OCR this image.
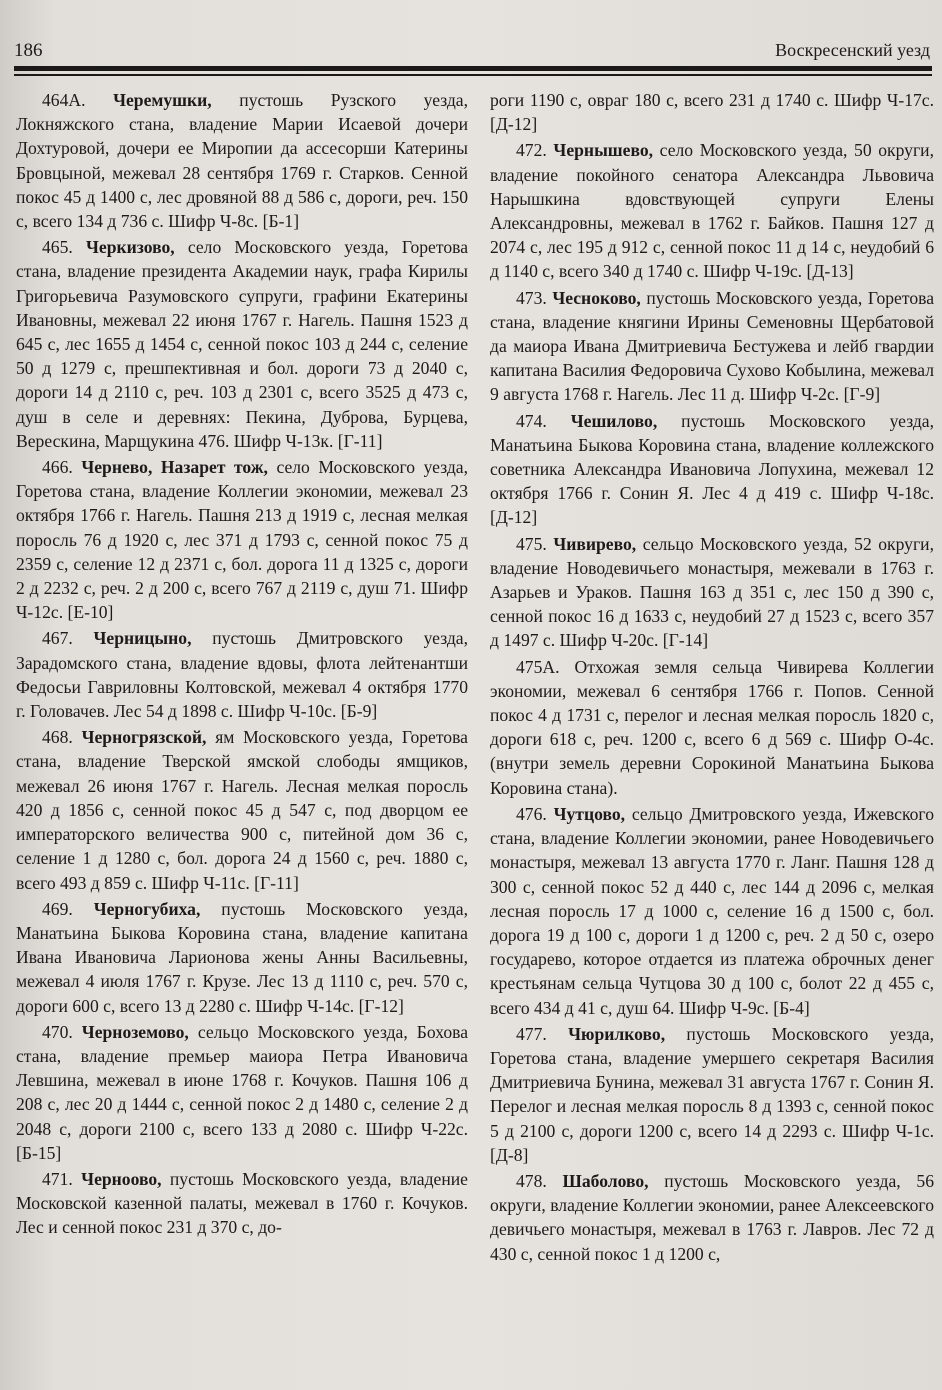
186	Воскресенский уезд

464А. Черемушки, пустошь Рузского уезда, Локняжского стана, владение Марии Исаевой дочери Дохтуровой, дочери ее Миропии да ассесорши Катерины Бровцыной, межевал 28 сентября 1769 г. Старков. Сенной покос 45 д 1400 с, лес дровяной 88 д 586 с, дороги, реч. 150 с, всего 134 д 736 с. Шифр Ч-8с. [Б-1]

465. Черкизово, село Московского уезда, Горетова стана, владение президента Академии наук, графа Кирилы Григорьевича Разумовского супруги, графини Екатерины Ивановны, межевал 22 июня 1767 г. Нагель. Пашня 1523 д 645 с, лес 1655 д 1454 с, сенной покос 103 д 244 с, селение 50 д 1279 с, прешпективная и бол. дороги 73 д 2040 с, дороги 14 д 2110 с, реч. 103 д 2301 с, всего 3525 д 473 с, душ в селе и деревнях: Пекина, Дуброва, Бурцева, Верескина, Марщукина 476. Шифр Ч-13к. [Г-11]

466. Чернево, Назарет тож, село Московского уезда, Горетова стана, владение Коллегии экономии, межевал 23 октября 1766 г. Нагель. Пашня 213 д 1919 с, лесная мелкая поросль 76 д 1920 с, лес 371 д 1793 с, сенной покос 75 д 2359 с, селение 12 д 2371 с, бол. дорога 11 д 1325 с, дороги 2 д 2232 с, реч. 2 д 200 с, всего 767 д 2119 с, душ 71. Шифр Ч-12с. [Е-10]

467. Черницыно, пустошь Дмитровского уезда, Зарадомского стана, владение вдовы, флота лейтенантши Федосьи Гавриловны Колтовской, межевал 4 октября 1770 г. Головачев. Лес 54 д 1898 с. Шифр Ч-10с. [Б-9]

468. Черногрязской, ям Московского уезда, Горетова стана, владение Тверской ямской слободы ямщиков, межевал 26 июня 1767 г. Нагель. Лесная мелкая поросль 420 д 1856 с, сенной покос 45 д 547 с, под дворцом ее императорского величества 900 с, питейной дом 36 с, селение 1 д 1280 с, бол. дорога 24 д 1560 с, реч. 1880 с, всего 493 д 859 с. Шифр Ч-11с. [Г-11]

469. Черногубиха, пустошь Московского уезда, Манатьина Быкова Коровина стана, владение капитана Ивана Ивановича Ларионова жены Анны Васильевны, межевал 4 июля 1767 г. Крузе. Лес 13 д 1110 с, реч. 570 с, дороги 600 с, всего 13 д 2280 с. Шифр Ч-14с. [Г-12]

470. Черноземово, сельцо Московского уезда, Бохова стана, владение премьер маиора Петра Ивановича Левшина, межевал в июне 1768 г. Кочуков. Пашня 106 д 208 с, лес 20 д 1444 с, сенной покос 2 д 1480 с, селение 2 д 2048 с, дороги 2100 с, всего 133 д 2080 с. Шифр Ч-22с. [Б-15]

471. Черноово, пустошь Московского уезда, владение Московской казенной палаты, межевал в 1760 г. Кочуков. Лес и сенной покос 231 д 370 с, до-

роги 1190 с, овраг 180 с, всего 231 д 1740 с. Шифр Ч-17с. [Д-12]

472. Чернышево, село Московского уезда, 50 округи, владение покойного сенатора Александра Львовича Нарышкина вдовствующей супруги Елены Александровны, межевал в 1762 г. Байков. Пашня 127 д 2074 с, лес 195 д 912 с, сенной покос 11 д 14 с, неудобий 6 д 1140 с, всего 340 д 1740 с. Шифр Ч-19с. [Д-13]

473. Чесноково, пустошь Московского уезда, Горетова стана, владение княгини Ирины Семеновны Щербатовой да маиора Ивана Дмитриевича Бестужева и лейб гвардии капитана Василия Федоровича Сухово Кобылина, межевал 9 августа 1768 г. Нагель. Лес 11 д. Шифр Ч-2с. [Г-9]

474. Чешилово, пустошь Московского уезда, Манатьина Быкова Коровина стана, владение коллежского советника Александра Ивановича Лопухина, межевал 12 октября 1766 г. Сонин Я. Лес 4 д 419 с. Шифр Ч-18с. [Д-12]

475. Чивирево, сельцо Московского уезда, 52 округи, владение Новодевичьего монастыря, межевали в 1763 г. Азарьев и Ураков. Пашня 163 д 351 с, лес 150 д 390 с, сенной покос 16 д 1633 с, неудобий 27 д 1523 с, всего 357 д 1497 с. Шифр Ч-20с. [Г-14]

475А. Отхожая земля сельца Чивирева Коллегии экономии, межевал 6 сентября 1766 г. Попов. Сенной покос 4 д 1731 с, перелог и лесная мелкая поросль 1820 с, дороги 618 с, реч. 1200 с, всего 6 д 569 с. Шифр О-4с. (внутри земель деревни Сорокиной Манатьина Быкова Коровина стана).

476. Чутцово, сельцо Дмитровского уезда, Ижевского стана, владение Коллегии экономии, ранее Новодевичьего монастыря, межевал 13 августа 1770 г. Ланг. Пашня 128 д 300 с, сенной покос 52 д 440 с, лес 144 д 2096 с, мелкая лесная поросль 17 д 1000 с, селение 16 д 1500 с, бол. дорога 19 д 100 с, дороги 1 д 1200 с, реч. 2 д 50 с, озеро государево, которое отдается из платежа оброчных денег крестьянам сельца Чутцова 30 д 100 с, болот 22 д 455 с, всего 434 д 41 с, душ 64. Шифр Ч-9с. [Б-4]

477. Чюрилково, пустошь Московского уезда, Горетова стана, владение умершего секретаря Василия Дмитриевича Бунина, межевал 31 августа 1767 г. Сонин Я. Перелог и лесная мелкая поросль 8 д 1393 с, сенной покос 5 д 2100 с, дороги 1200 с, всего 14 д 2293 с. Шифр Ч-1с. [Д-8]

478. Шаболово, пустошь Московского уезда, 56 округи, владение Коллегии экономии, ранее Алексеевского девичьего монастыря, межевал в 1763 г. Лавров. Лес 72 д 430 с, сенной покос 1 д 1200 с,
